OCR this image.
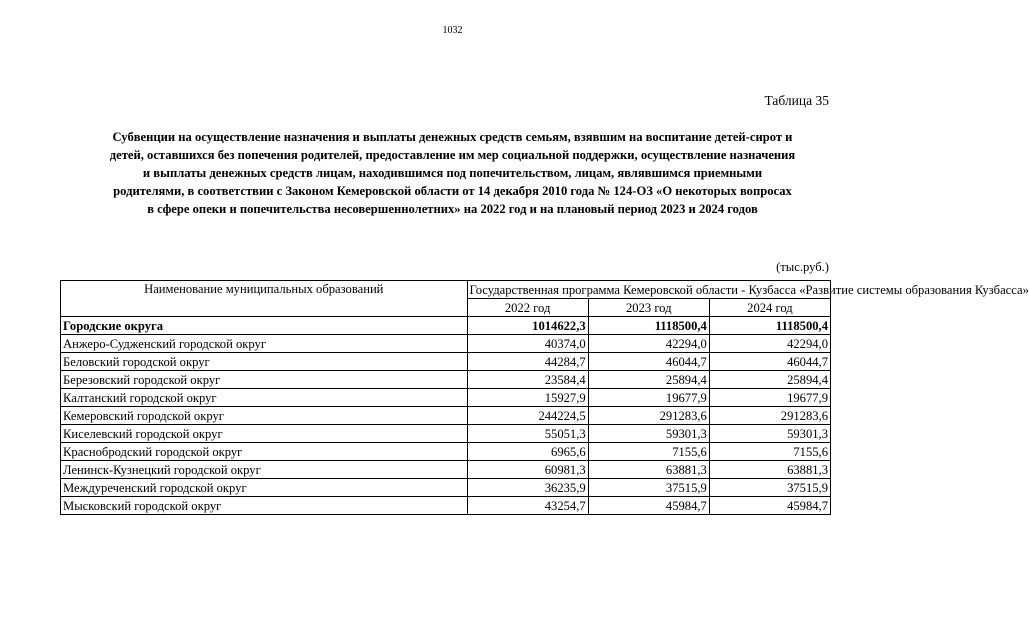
1032
Таблица 35
Субвенции на осуществление назначения и выплаты денежных средств семьям, взявшим на воспитание детей-сирот и
детей, оставшихся без попечения родителей, предоставление им мер социальной поддержки, осуществление назначения
и выплаты денежных средств лицам, находившимся под попечительством, лицам, являвшимся приемными
родителями, в соответствии с Законом Кемеровской области от 14 декабря 2010 года № 124-ОЗ «О некоторых вопросах
в сфере опеки и попечительства несовершеннолетних» на 2022 год и на плановый период 2023 и 2024 годов
(тыс.руб.)
Наименование муниципальных образований	Государственная программа Кемеровской области - Кузбасса «Развитие системы образования Кузбасса»		
	2022 год	2023 год	2024 год
Городские округа	1014622,3	1118500,4	1118500,4
Анжеро-Судженский городской округ	40374,0	42294,0	42294,0
Беловский городской округ	44284,7	46044,7	46044,7
Березовский городской округ	23584,4	25894,4	25894,4
Калтанский городской округ	15927,9	19677,9	19677,9
Кемеровский городской округ	244224,5	291283,6	291283,6
Киселевский городской округ	55051,3	59301,3	59301,3
Краснобродский городской округ	6965,6	7155,6	7155,6
Ленинск-Кузнецкий городской округ	60981,3	63881,3	63881,3
Междуреченский городской округ	36235,9	37515,9	37515,9
Мысковский городской округ	43254,7	45984,7	45984,7
